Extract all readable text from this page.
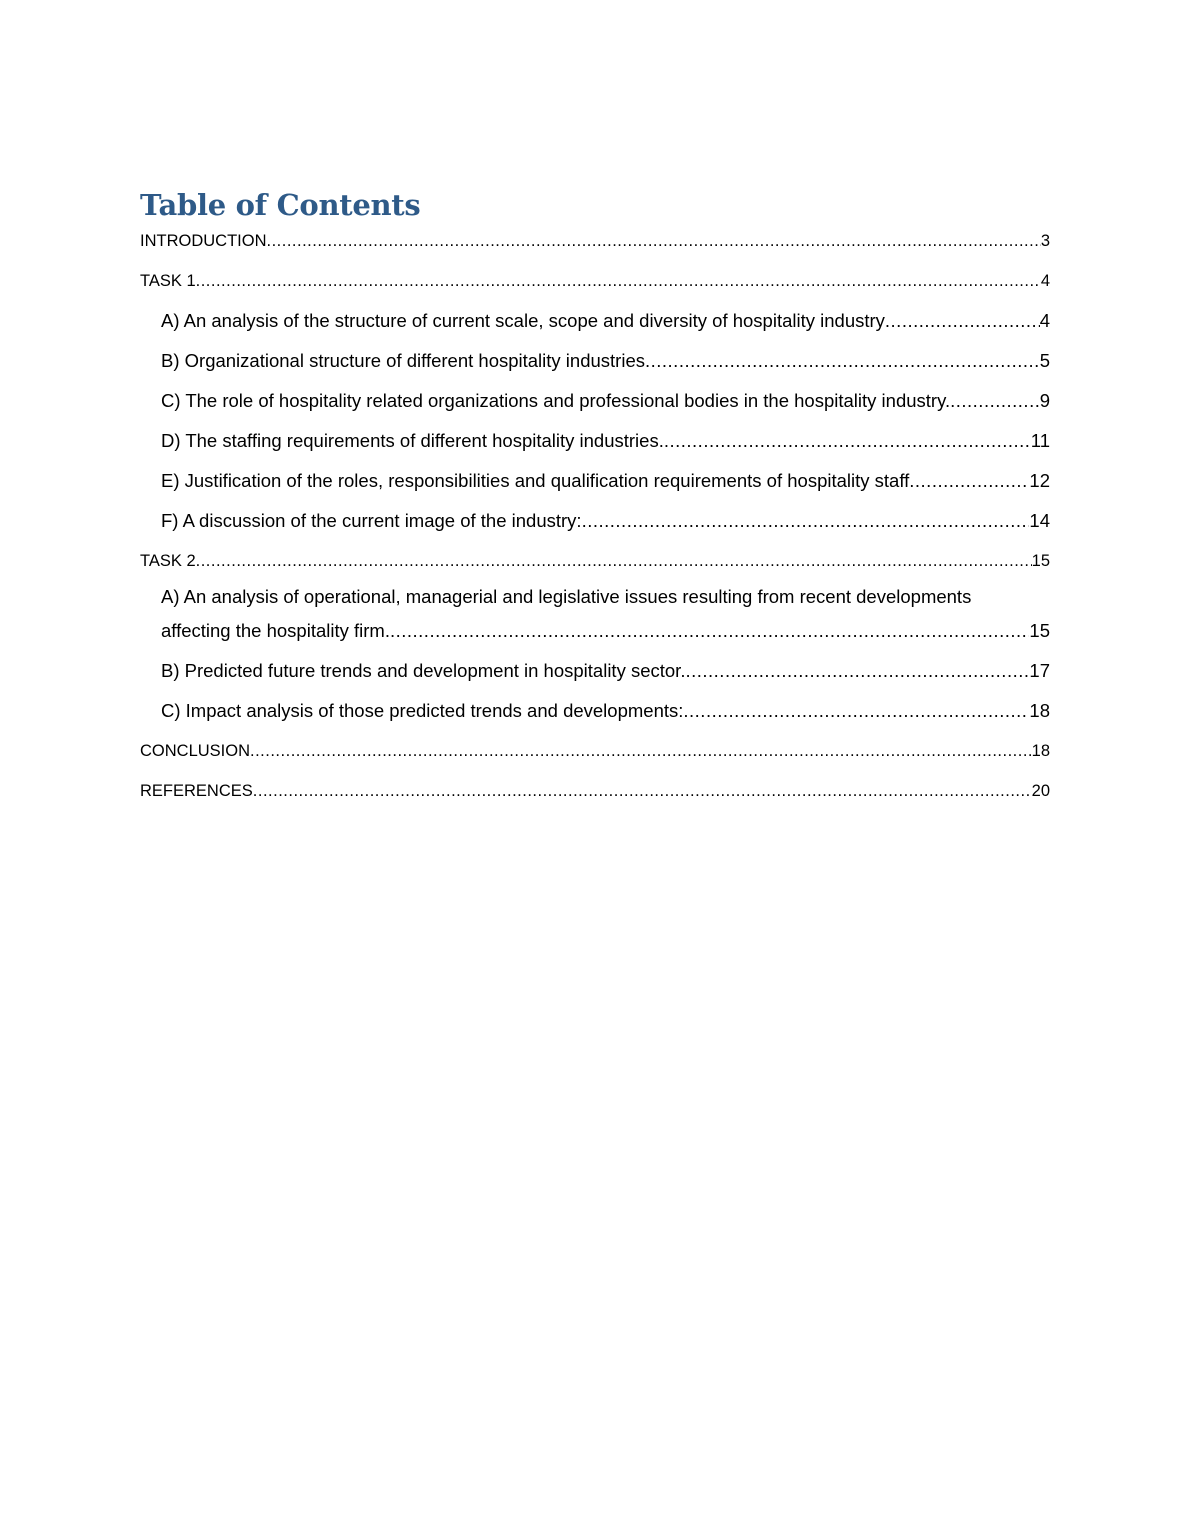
Table of Contents
INTRODUCTION .....	3
TASK 1 .....	4
A) An analysis of the structure of current scale, scope and diversity of hospitality industry .....	4
B) Organizational structure of different hospitality industries .....	5
C) The role of hospitality related organizations and professional bodies in the hospitality industry. .....	9
D) The staffing requirements of different hospitality industries. .....	11
E) Justification of the roles, responsibilities and qualification requirements of hospitality staff .....	12
F) A discussion of the current image of the industry: .....	14
TASK 2 .....	15
A) An analysis of operational, managerial and legislative issues resulting from recent developments
affecting the hospitality firm. .....	15
B) Predicted future trends and development in hospitality sector. .....	17
C) Impact analysis of those predicted trends and developments: .....	18
CONCLUSION .....	18
REFERENCES .....	20
